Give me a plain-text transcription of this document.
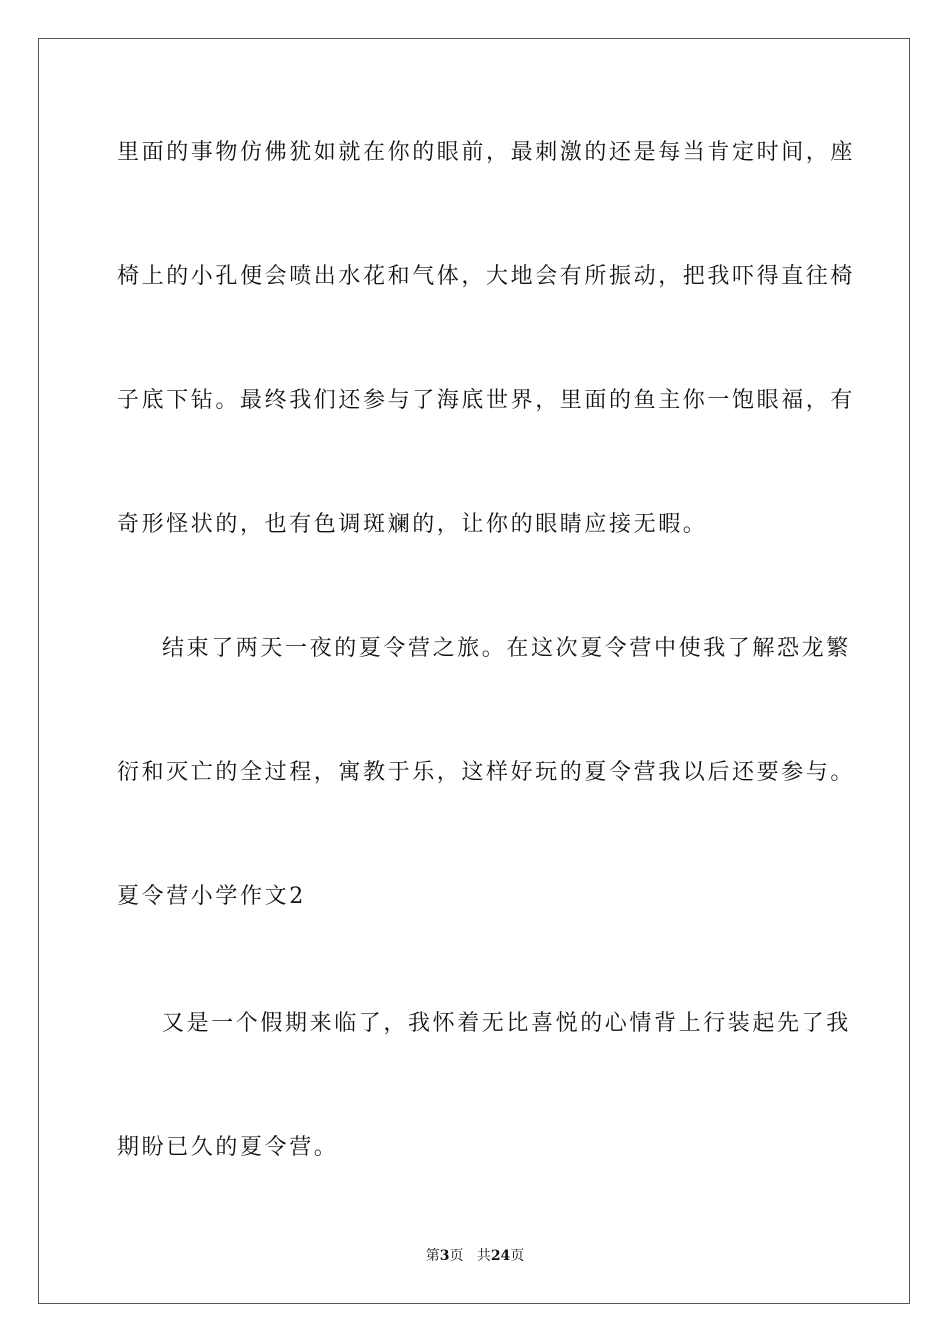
里面的事物仿佛犹如就在你的眼前，最刺激的还是每当肯定时间，座
椅上的小孔便会喷出水花和气体，大地会有所振动，把我吓得直往椅
子底下钻。最终我们还参与了海底世界，里面的鱼主你一饱眼福，有
奇形怪状的，也有色调斑斓的，让你的眼睛应接无暇。
结束了两天一夜的夏令营之旅。在这次夏令营中使我了解恐龙繁
衍和灭亡的全过程，寓教于乐，这样好玩的夏令营我以后还要参与。
夏令营小学作文2
又是一个假期来临了，我怀着无比喜悦的心情背上行装起先了我
期盼已久的夏令营。
第3页 共24页
